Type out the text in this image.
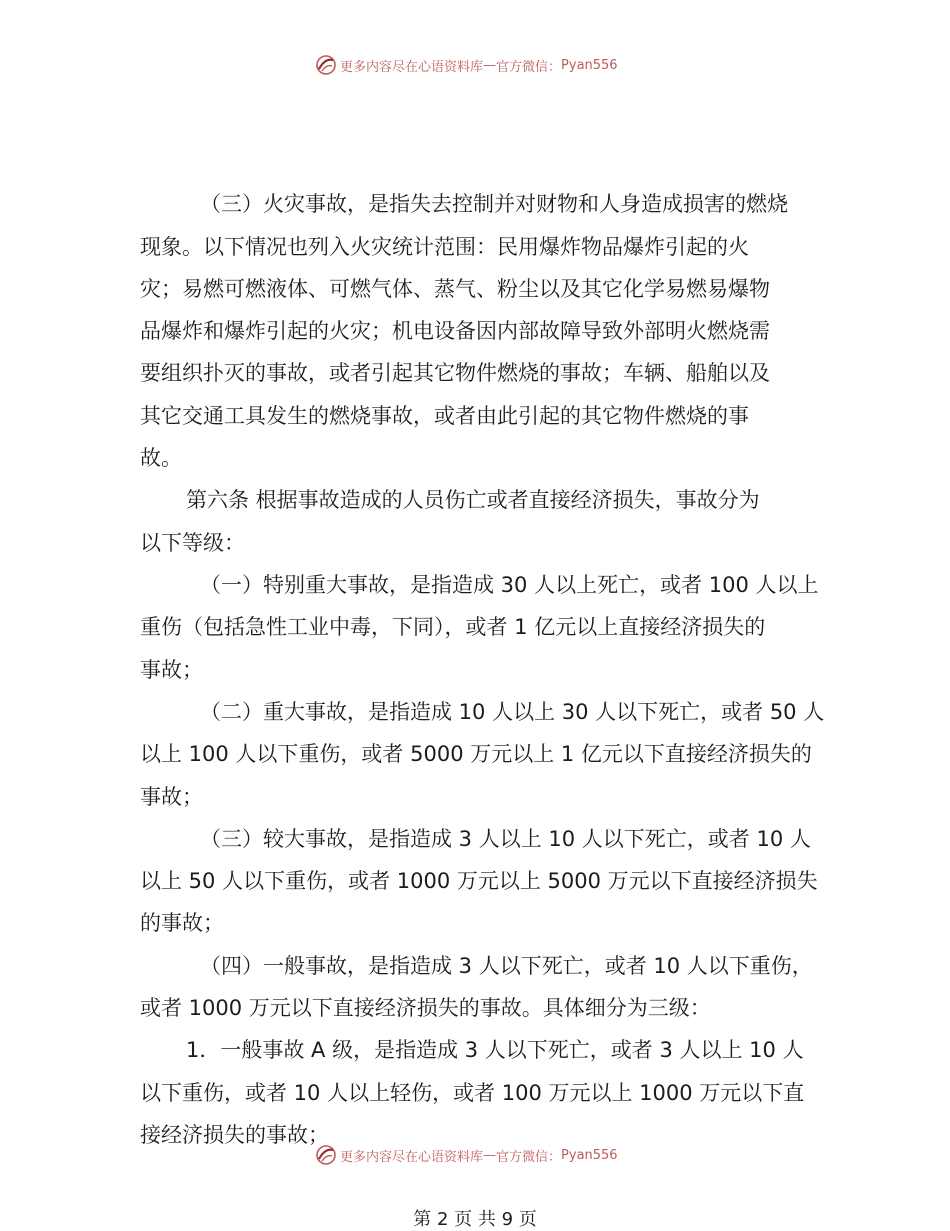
更多内容尽在心语资料库 — 官方微信： Pyan556
（三）火灾事故，是指失去控制并对财物和人身造成损害的燃烧
现象。以下情况也列入火灾统计范围：民用爆炸物品爆炸引起的火
灾；易燃可燃液体、可燃气体、蒸气、粉尘以及其它化学易燃易爆物
品爆炸和爆炸引起的火灾；机电设备因内部故障导致外部明火燃烧需
要组织扑灭的事故，或者引起其它物件燃烧的事故；车辆、船舶以及
其它交通工具发生的燃烧事故，或者由此引起的其它物件燃烧的事
故。
第六条 根据事故造成的人员伤亡或者直接经济损失，事故分为
以下等级：
（一）特别重大事故，是指造成 30 人以上死亡，或者 100 人以上
重伤（包括急性工业中毒，下同），或者 1 亿元以上直接经济损失的
事故；
（二）重大事故，是指造成 10 人以上 30 人以下死亡，或者 50 人
以上 100 人以下重伤，或者 5000 万元以上 1 亿元以下直接经济损失的
事故；
（三）较大事故，是指造成 3 人以上 10 人以下死亡，或者 10 人
以上 50 人以下重伤，或者 1000 万元以上 5000 万元以下直接经济损失
的事故；
（四）一般事故，是指造成 3 人以下死亡，或者 10 人以下重伤，
或者 1000 万元以下直接经济损失的事故。具体细分为三级：
1．一般事故 A 级，是指造成 3 人以下死亡，或者 3 人以上 10 人
以下重伤，或者 10 人以上轻伤，或者 100 万元以上 1000 万元以下直
接经济损失的事故；
更多内容尽在心语资料库 — 官方微信： Pyan556
第 2 页 共 9 页
